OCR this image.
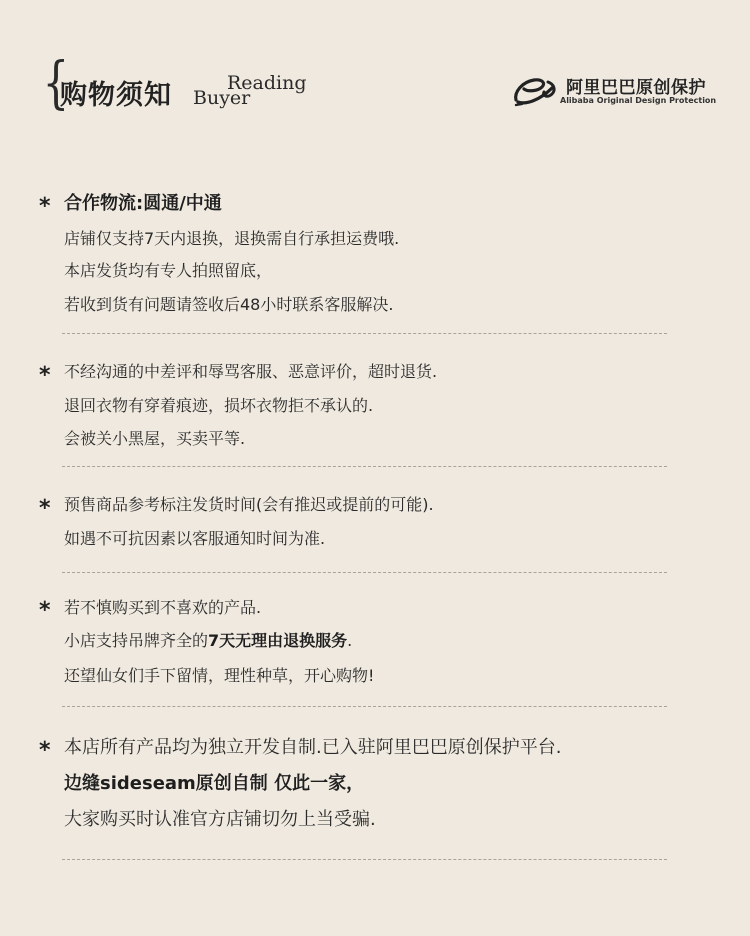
{
购物须知	Reading
Buyer	阿里巴巴原创保护
Alibaba Original Design Protection
* 合作物流:圆通/中通
店铺仅支持7天内退换，退换需自行承担运费哦.
本店发货均有专人拍照留底，
若收到货有问题请签收后48小时联系客服解决.
* 不经沟通的中差评和辱骂客服、恶意评价，超时退货.
退回衣物有穿着痕迹，损坏衣物拒不承认的.
会被关小黑屋，买卖平等.
* 预售商品参考标注发货时间(会有推迟或提前的可能).
如遇不可抗因素以客服通知时间为准.
* 若不慎购买到不喜欢的产品.
小店支持吊牌齐全的7天无理由退换服务.
还望仙女们手下留情，理性种草，开心购物!
* 本店所有产品均为独立开发自制.已入驻阿里巴巴原创保护平台.
边缝sideseam原创自制 仅此一家，
大家购买时认准官方店铺切勿上当受骗.
